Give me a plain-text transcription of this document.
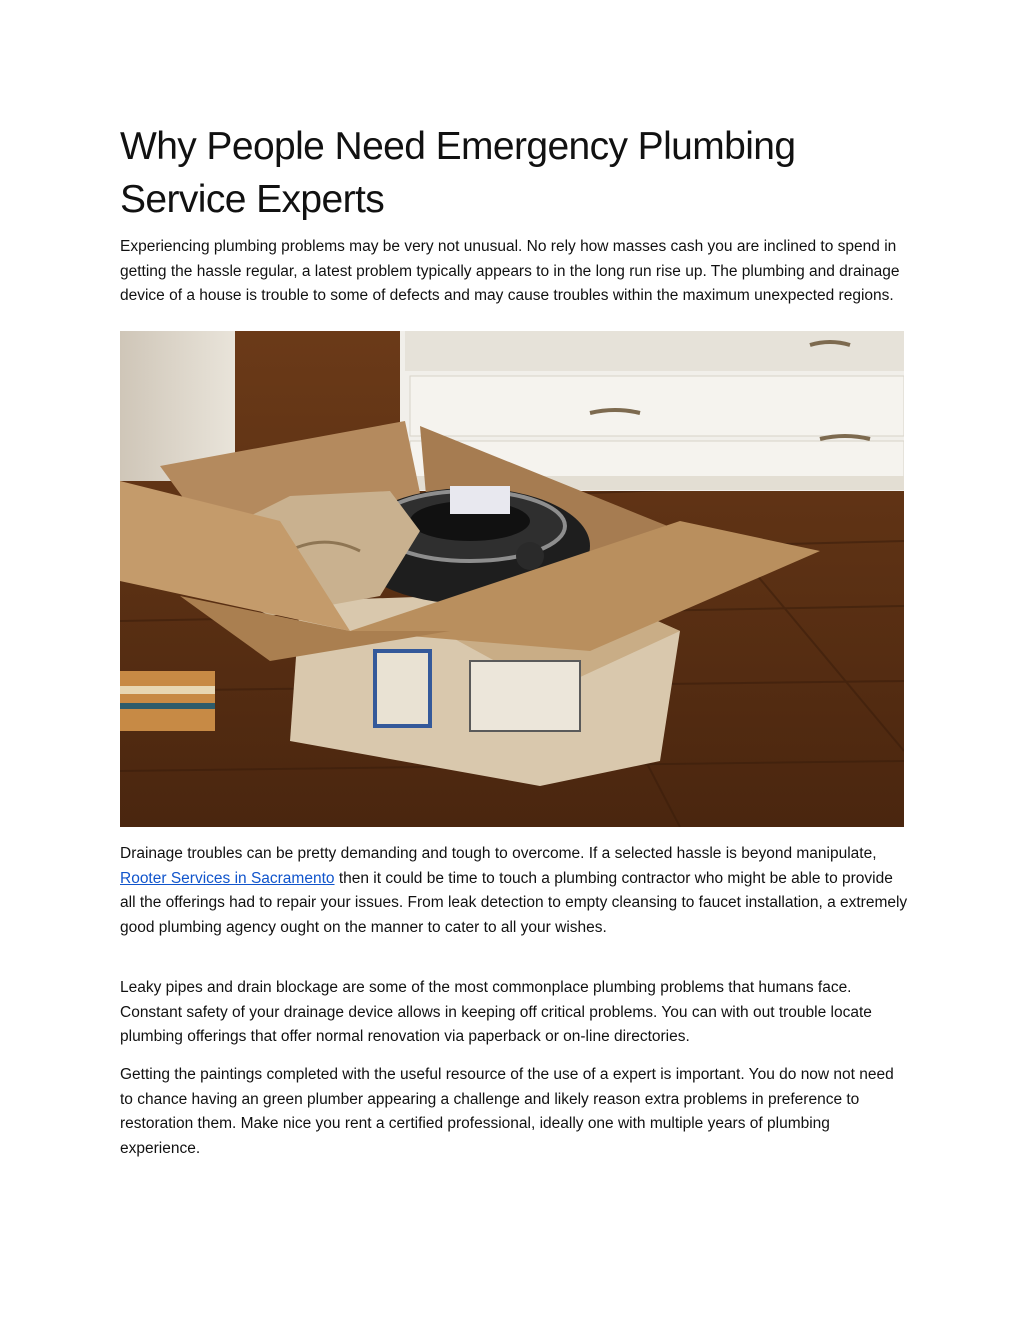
Why People Need Emergency Plumbing Service Experts

Experiencing plumbing problems may be very not unusual. No rely how masses cash you are inclined to spend in getting the hassle regular, a latest problem typically appears to in the long run rise up. The plumbing and drainage device of a house is trouble to some of defects and may cause troubles within the maximum unexpected regions.

Drainage troubles can be pretty demanding and tough to overcome. If a selected hassle is beyond manipulate, Rooter Services in Sacramento then it could be time to touch a plumbing contractor who might be able to provide all the offerings had to repair your issues. From leak detection to empty cleansing to faucet installation, a extremely good plumbing agency ought on the manner to cater to all your wishes.

Leaky pipes and drain blockage are some of the most commonplace plumbing problems that humans face. Constant safety of your drainage device allows in keeping off critical problems. You can with out trouble locate plumbing offerings that offer normal renovation via paperback or on-line directories.

Getting the paintings completed with the useful resource of the use of a expert is important. You do now not need to chance having an green plumber appearing a challenge and likely reason extra problems in preference to restoration them. Make nice you rent a certified professional, ideally one with multiple years of plumbing experience.
